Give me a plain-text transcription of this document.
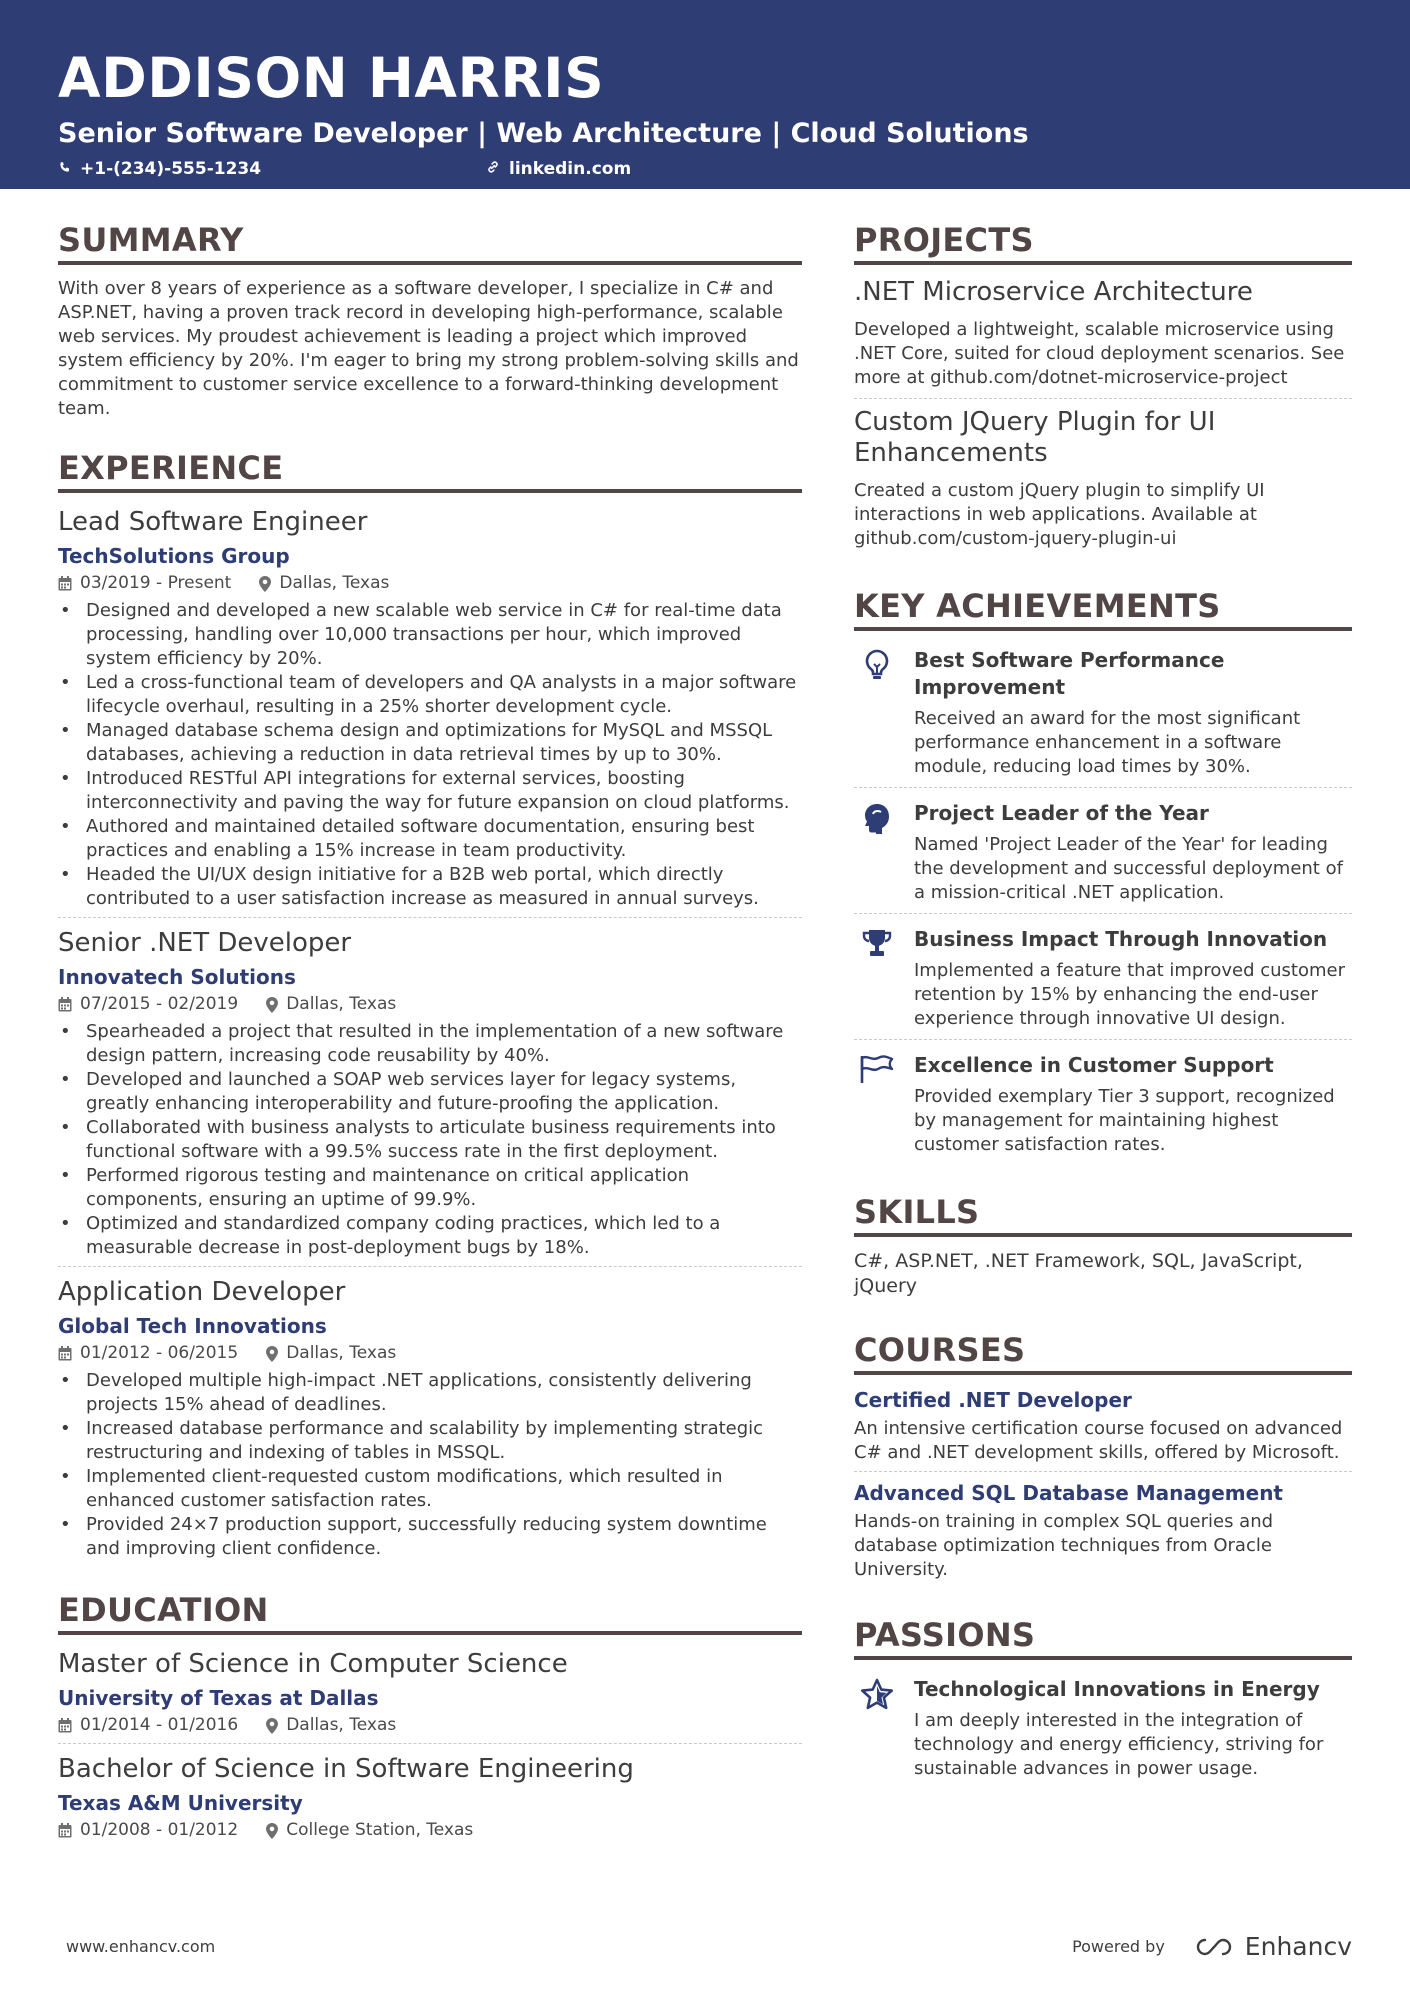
ADDISON HARRIS
Senior Software Developer | Web Architecture | Cloud Solutions
+1-(234)-555-1234	linkedin.com
SUMMARY

With over 8 years of experience as a software developer, I specialize in C# and ASP.NET, having a proven track record in developing high-performance, scalable web services. My proudest achievement is leading a project which improved system efficiency by 20%. I'm eager to bring my strong problem-solving skills and commitment to customer service excellence to a forward-thinking development team.

EXPERIENCE
Lead Software Engineer
TechSolutions Group
03/2019 - Present	Dallas, Texas
• Designed and developed a new scalable web service in C# for real-time data processing, handling over 10,000 transactions per hour, which improved system efficiency by 20%.
• Led a cross-functional team of developers and QA analysts in a major software lifecycle overhaul, resulting in a 25% shorter development cycle.
• Managed database schema design and optimizations for MySQL and MSSQL databases, achieving a reduction in data retrieval times by up to 30%.
• Introduced RESTful API integrations for external services, boosting interconnectivity and paving the way for future expansion on cloud platforms.
• Authored and maintained detailed software documentation, ensuring best practices and enabling a 15% increase in team productivity.
• Headed the UI/UX design initiative for a B2B web portal, which directly contributed to a user satisfaction increase as measured in annual surveys.
Senior .NET Developer
Innovatech Solutions
07/2015 - 02/2019	Dallas, Texas
• Spearheaded a project that resulted in the implementation of a new software design pattern, increasing code reusability by 40%.
• Developed and launched a SOAP web services layer for legacy systems, greatly enhancing interoperability and future-proofing the application.
• Collaborated with business analysts to articulate business requirements into functional software with a 99.5% success rate in the first deployment.
• Performed rigorous testing and maintenance on critical application components, ensuring an uptime of 99.9%.
• Optimized and standardized company coding practices, which led to a measurable decrease in post-deployment bugs by 18%.
Application Developer
Global Tech Innovations
01/2012 - 06/2015	Dallas, Texas
• Developed multiple high-impact .NET applications, consistently delivering projects 15% ahead of deadlines.
• Increased database performance and scalability by implementing strategic restructuring and indexing of tables in MSSQL.
• Implemented client-requested custom modifications, which resulted in enhanced customer satisfaction rates.
• Provided 24×7 production support, successfully reducing system downtime and improving client confidence.
EDUCATION
Master of Science in Computer Science
University of Texas at Dallas
01/2014 - 01/2016	Dallas, Texas
Bachelor of Science in Software Engineering
Texas A&M University
01/2008 - 01/2012	College Station, Texas
PROJECTS
.NET Microservice Architecture
Developed a lightweight, scalable microservice using .NET Core, suited for cloud deployment scenarios. See more at github.com/dotnet-microservice-project
Custom JQuery Plugin for UI Enhancements
Created a custom jQuery plugin to simplify UI interactions in web applications. Available at github.com/custom-jquery-plugin-ui
KEY ACHIEVEMENTS
Best Software Performance Improvement
Received an award for the most significant performance enhancement in a software module, reducing load times by 30%.
Project Leader of the Year
Named 'Project Leader of the Year' for leading the development and successful deployment of a mission-critical .NET application.
Business Impact Through Innovation
Implemented a feature that improved customer retention by 15% by enhancing the end-user experience through innovative UI design.
Excellence in Customer Support
Provided exemplary Tier 3 support, recognized by management for maintaining highest customer satisfaction rates.
SKILLS

C#, ASP.NET, .NET Framework, SQL, JavaScript, jQuery

COURSES
Certified .NET Developer
An intensive certification course focused on advanced C# and .NET development skills, offered by Microsoft.
Advanced SQL Database Management
Hands-on training in complex SQL queries and database optimization techniques from Oracle University.
PASSIONS
Technological Innovations in Energy
I am deeply interested in the integration of technology and energy efficiency, striving for sustainable advances in power usage.
www.enhancv.com	Powered by	Enhancv
